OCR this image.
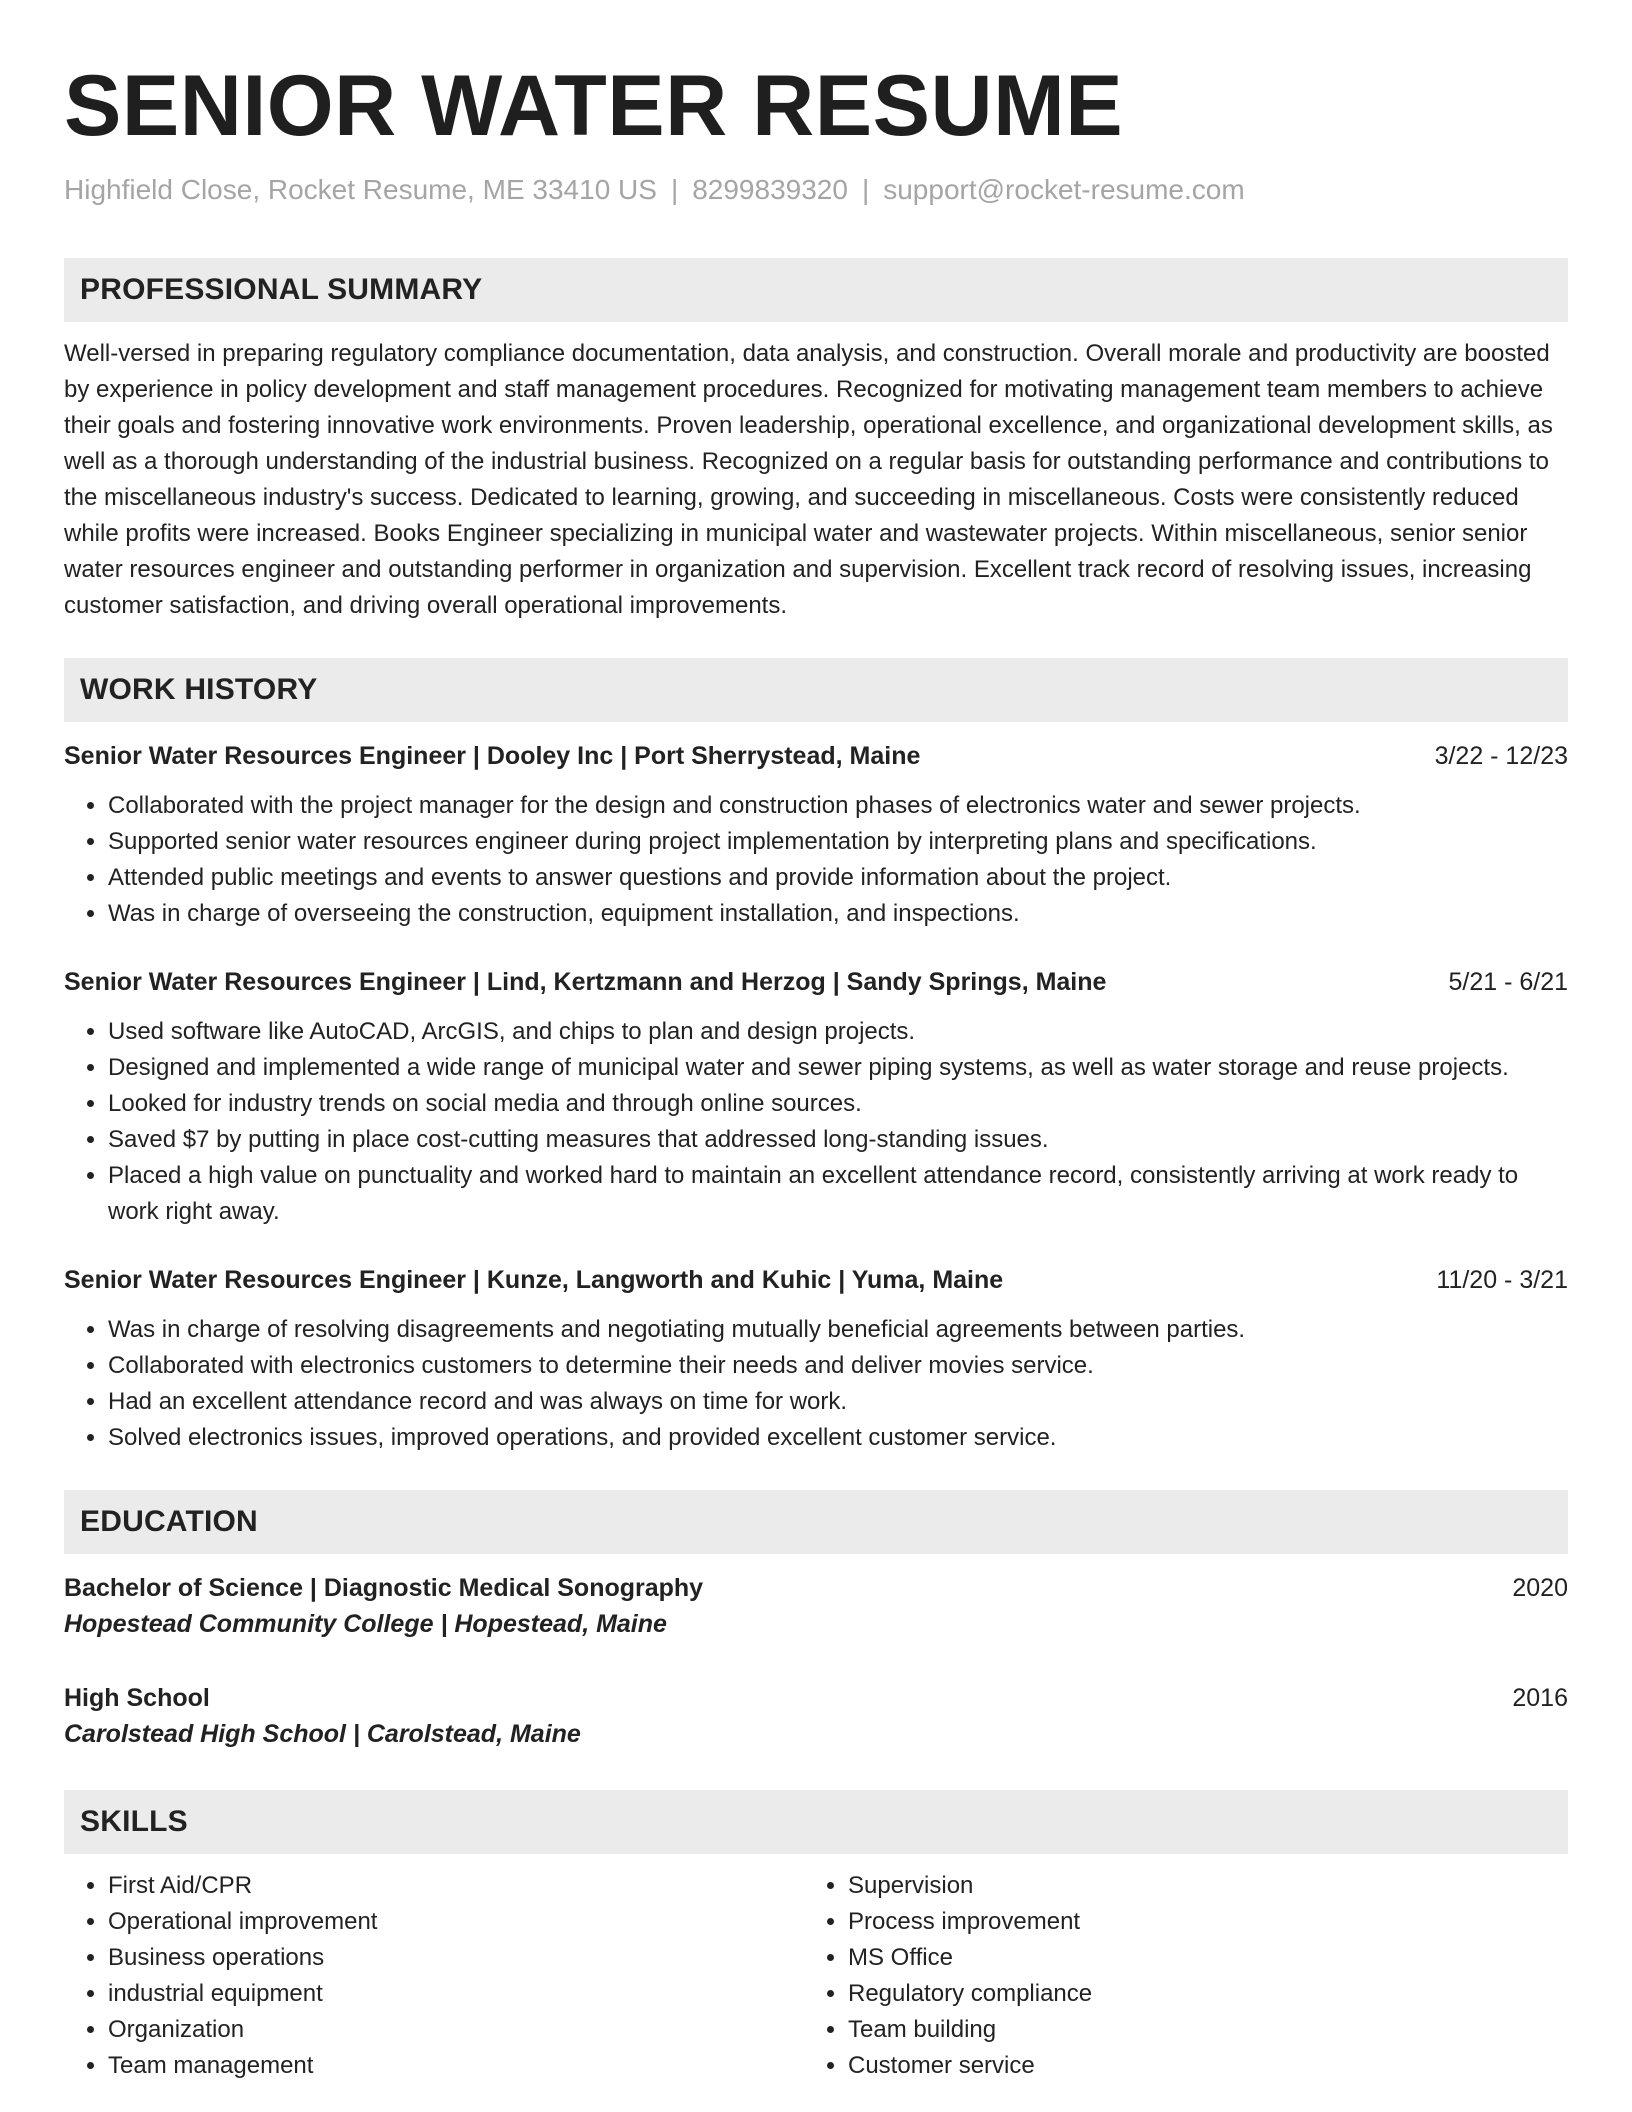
SENIOR WATER RESUME
Highfield Close, Rocket Resume, ME 33410 US | 8299839320 | support@rocket-resume.com
PROFESSIONAL SUMMARY

Well-versed in preparing regulatory compliance documentation, data analysis, and construction. Overall morale and productivity are boosted by experience in policy development and staff management procedures. Recognized for motivating management team members to achieve their goals and fostering innovative work environments. Proven leadership, operational excellence, and organizational development skills, as well as a thorough understanding of the industrial business. Recognized on a regular basis for outstanding performance and contributions to the miscellaneous industry's success. Dedicated to learning, growing, and succeeding in miscellaneous. Costs were consistently reduced while profits were increased. Books Engineer specializing in municipal water and wastewater projects. Within miscellaneous, senior senior water resources engineer and outstanding performer in organization and supervision. Excellent track record of resolving issues, increasing customer satisfaction, and driving overall operational improvements.

WORK HISTORY
Senior Water Resources Engineer | Dooley Inc | Port Sherrystead, Maine	3/22 - 12/23
• Collaborated with the project manager for the design and construction phases of electronics water and sewer projects.
• Supported senior water resources engineer during project implementation by interpreting plans and specifications.
• Attended public meetings and events to answer questions and provide information about the project.
• Was in charge of overseeing the construction, equipment installation, and inspections.
Senior Water Resources Engineer | Lind, Kertzmann and Herzog | Sandy Springs, Maine	5/21 - 6/21
• Used software like AutoCAD, ArcGIS, and chips to plan and design projects.
• Designed and implemented a wide range of municipal water and sewer piping systems, as well as water storage and reuse projects.
• Looked for industry trends on social media and through online sources.
• Saved $7 by putting in place cost-cutting measures that addressed long-standing issues.
• Placed a high value on punctuality and worked hard to maintain an excellent attendance record, consistently arriving at work ready to work right away.
Senior Water Resources Engineer | Kunze, Langworth and Kuhic | Yuma, Maine	11/20 - 3/21
• Was in charge of resolving disagreements and negotiating mutually beneficial agreements between parties.
• Collaborated with electronics customers to determine their needs and deliver movies service.
• Had an excellent attendance record and was always on time for work.
• Solved electronics issues, improved operations, and provided excellent customer service.
EDUCATION
Bachelor of Science | Diagnostic Medical Sonography	2020
Hopestead Community College | Hopestead, Maine
High School	2016
Carolstead High School | Carolstead, Maine
SKILLS
• First Aid/CPR
• Operational improvement
• Business operations
• industrial equipment
• Organization
• Team management
• Supervision
• Process improvement
• MS Office
• Regulatory compliance
• Team building
• Customer service
